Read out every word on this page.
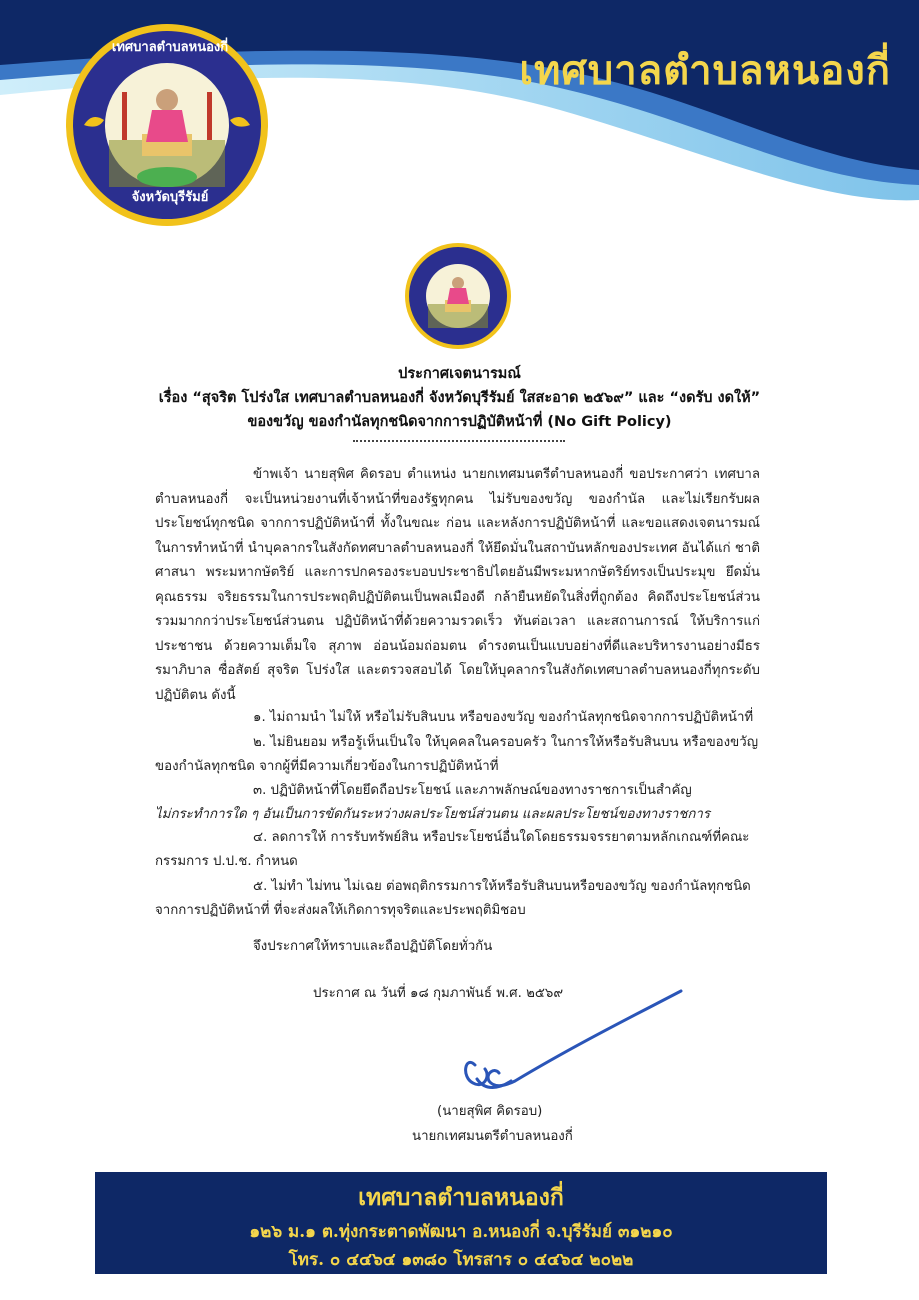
เทศบาลตำบลหนองกี่
จังหวัดบุรีรัมย์
เทศบาลตำบลหนองกี่
ประกาศเจตนารมณ์
เรื่อง “สุจริต โปร่งใส เทศบาลตำบลหนองกี่ จังหวัดบุรีรัมย์ ใสสะอาด ๒๕๖๙” และ “งดรับ งดให้”
ของขวัญ ของกำนัลทุกชนิดจากการปฏิบัติหน้าที่ (No Gift Policy)
ข้าพเจ้า นายสุพิศ คิดรอบ ตำแหน่ง นายกเทศมนตรีตำบลหนองกี่ ขอประกาศว่า เทศบาลตำบลหนองกี่ จะเป็นหน่วยงานที่เจ้าหน้าที่ของรัฐทุกคน ไม่รับของขวัญ ของกำนัล และไม่เรียกรับผลประโยชน์ทุกชนิด จากการปฏิบัติหน้าที่ ทั้งในขณะ ก่อน และหลังการปฏิบัติหน้าที่ และขอแสดงเจตนารมณ์ในการทำหน้าที่ นำบุคลากรในสังกัดทศบาลตำบลหนองกี่ ให้ยึดมั่นในสถาบันหลักของประเทศ อันได้แก่ ชาติ ศาสนา พระมหากษัตริย์ และการปกครองระบอบประชาธิปไตยอันมีพระมหากษัตริย์ทรงเป็นประมุข ยึดมั่นคุณธรรม จริยธรรมในการประพฤติปฏิบัติตนเป็นพลเมืองดี กล้ายืนหยัดในสิ่งที่ถูกต้อง คิดถึงประโยชน์ส่วนรวมมากกว่าประโยชน์ส่วนตน ปฏิบัติหน้าที่ด้วยความรวดเร็ว ทันต่อเวลา และสถานการณ์ ให้บริการแก่ประชาชน ด้วยความเต็มใจ สุภาพ อ่อนน้อมถ่อมตน ดำรงตนเป็นแบบอย่างที่ดีและบริหารงานอย่างมีธรรมาภิบาล ซื่อสัตย์ สุจริต โปร่งใส และตรวจสอบได้ โดยให้บุคลากรในสังกัดเทศบาลตำบลหนองกี่ทุกระดับปฏิบัติตน ดังนี้
๑. ไม่ถามนำ ไม่ให้ หรือไม่รับสินบน หรือของขวัญ ของกำนัลทุกชนิดจากการปฏิบัติหน้าที่
๒. ไม่ยินยอม หรือรู้เห็นเป็นใจ ให้บุคคลในครอบครัว ในการให้หรือรับสินบน หรือของขวัญของกำนัลทุกชนิด จากผู้ที่มีความเกี่ยวข้องในการปฏิบัติหน้าที่
๓. ปฏิบัติหน้าที่โดยยึดถือประโยชน์ และภาพลักษณ์ของทางราชการเป็นสำคัญ
ไม่กระทำการใด ๆ อันเป็นการขัดกันระหว่างผลประโยชน์ส่วนตน และผลประโยชน์ของทางราชการ
๔. ลดการให้ การรับทรัพย์สิน หรือประโยชน์อื่นใดโดยธรรมจรรยาตามหลักเกณฑ์ที่คณะกรรมการ ป.ป.ช. กำหนด
๕. ไม่ทำ ไม่ทน ไม่เฉย ต่อพฤติกรรมการให้หรือรับสินบนหรือของขวัญ ของกำนัลทุกชนิดจากการปฏิบัติหน้าที่ ที่จะส่งผลให้เกิดการทุจริตและประพฤติมิชอบ
จึงประกาศให้ทราบและถือปฏิบัติโดยทั่วกัน
ประกาศ ณ วันที่ ๑๘ กุมภาพันธ์ พ.ศ. ๒๕๖๙
(นายสุพิศ คิดรอบ)
นายกเทศมนตรีตำบลหนองกี่
เทศบาลตำบลหนองกี่
๑๒๖ ม.๑ ต.ทุ่งกระตาดพัฒนา อ.หนองกี่ จ.บุรีรัมย์ ๓๑๒๑๐
โทร. ๐ ๔๔๖๔ ๑๓๘๐ โทรสาร ๐ ๔๔๖๔ ๒๐๒๒
